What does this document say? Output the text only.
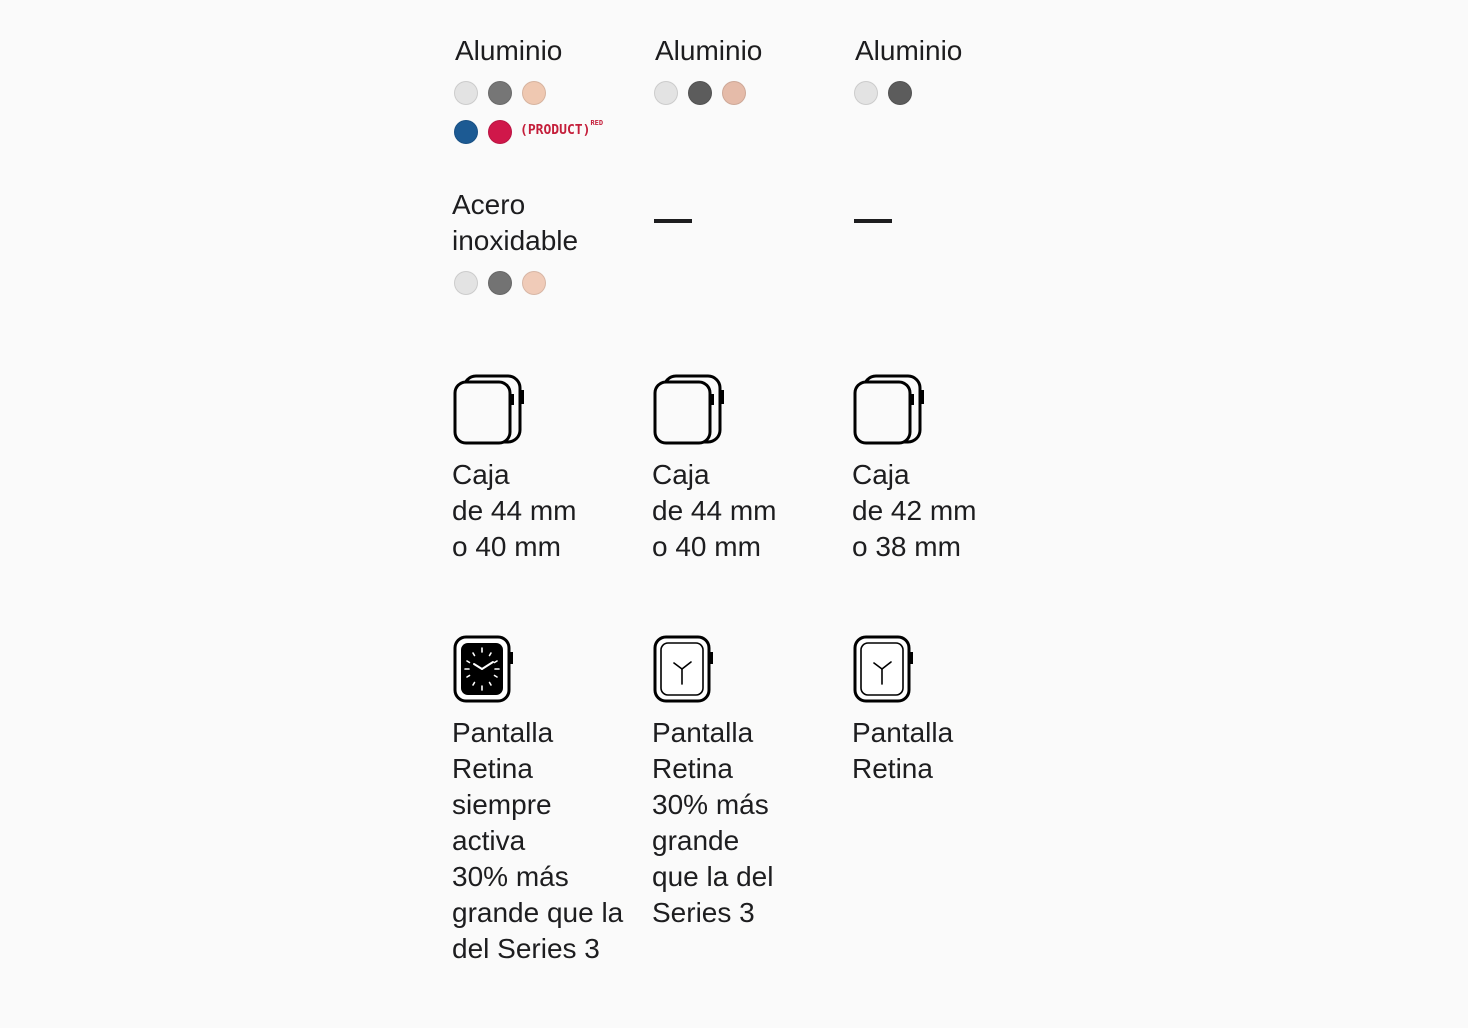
Aluminio
(PRODUCT)$^{RED}$
Acero
inoxidable
Caja
de 44 mm
o 40 mm
Pantalla
Retina
siempre
activa
30% más
grande que la
del Series 3
Aluminio
Caja
de 44 mm
o 40 mm
Pantalla
Retina
30% más
grande
que la del
Series 3
Aluminio
Caja
de 42 mm
o 38 mm
Pantalla
Retina
